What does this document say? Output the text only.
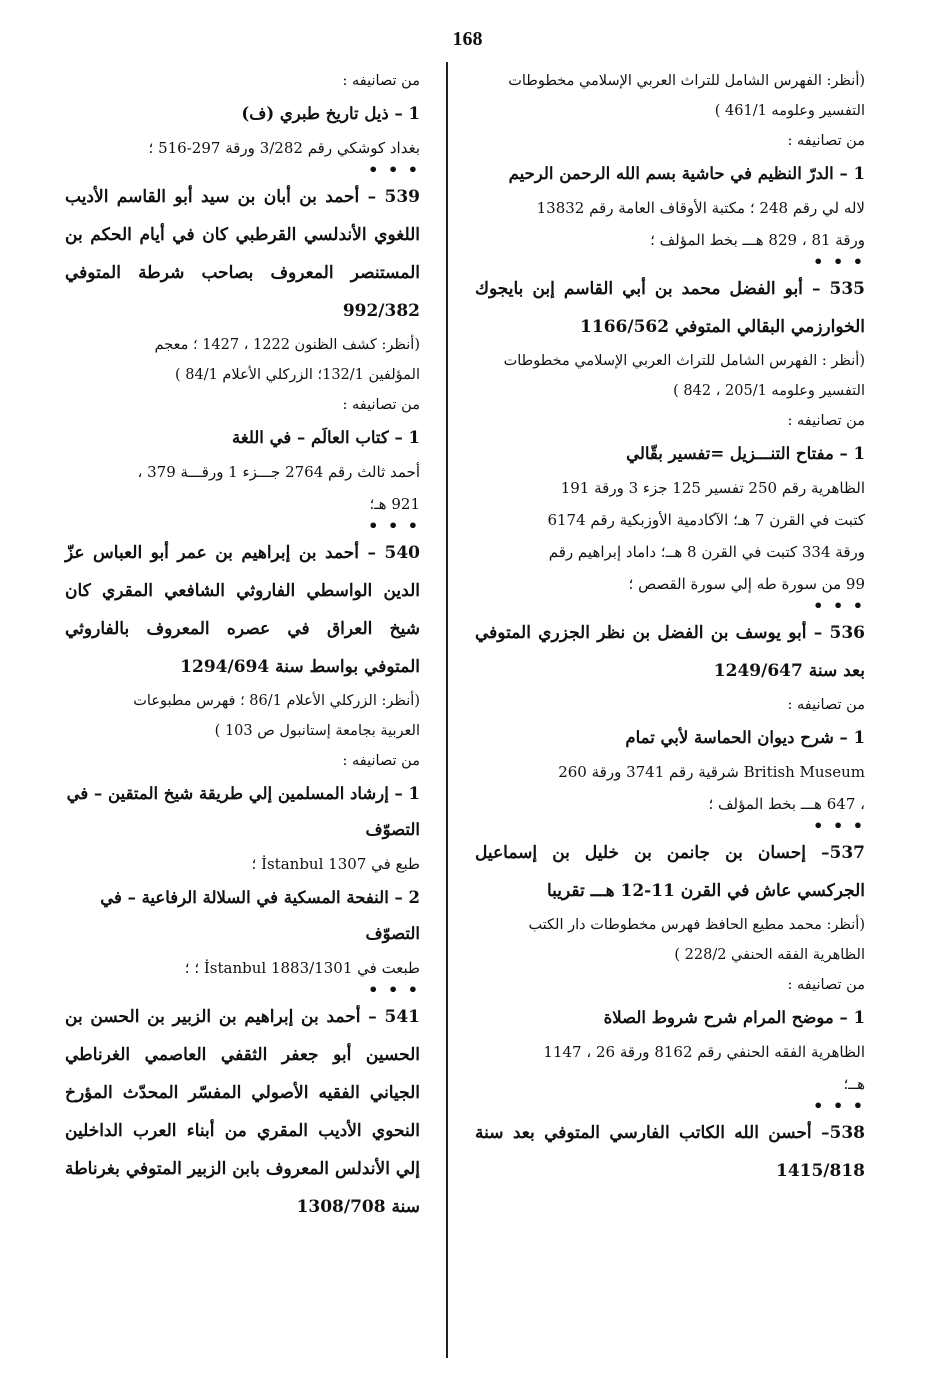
168

(أنظر: الفهرس الشامل للتراث العربي الإسلامي مخطوطات

التفسير وعلومه 461/1 )

من تصانيفه :

1 – الدرّ النظيم في حاشية بسم الله الرحمن الرحيم

لاله لي رقم 248 ؛ مكتبة الأوقاف العامة رقم 13832

ورقة 81 ، 829 هـــ بخط المؤلف ؛

• • •

535 – أبو الفضل محمد بن أبي القاسم إبن بايجوك الخوارزمي البقالي المتوفي 1166/562

(أنظر : الفهرس الشامل للتراث العربي الإسلامي مخطوطات

التفسير وعلومه 205/1 ، 842 )

من تصانيفه :

1 – مفتاح التنـــزيل =تفسير بقّالي

الظاهرية رقم 250 تفسير 125 جزء 3 ورقة 191

كتبت في القرن 7 هـ؛ الآكادمية الأوزبكية رقم 6174

ورقة 334 كتبت في القرن 8 هــ؛ داماد إبراهيم رقم

99 من سورة طه إلي سورة القصص ؛

• • •

536 – أبو يوسف بن الفضل بن نظر الجزري المتوفي بعد سنة 1249/647

من تصانيفه :

1 – شرح ديوان الحماسة لأبي تمام

British Museum شرقية رقم 3741 ورقة 260

، 647 هـــ بخط المؤلف ؛

• • •

537– إحسان بن جانمن بن خليل بن إسماعيل الجركسي عاش في القرن 11-12 هـــ تقريبا

(أنظر: محمد مطيع الحافظ فهرس مخطوطات دار الكتب

الظاهرية الفقه الحنفي 228/2 )

من تصانيفه :

1 – موضح المرام شرح شروط الصلاة

الظاهرية الفقه الحنفي رقم 8162 ورقة 26 ، 1147

هــ؛

• • •

538– أحسن الله الكاتب الفارسي المتوفي بعد سنة 1415/818

من تصانيفه :

1 – ذيل تاريخ طبري (ف)

بغداد كوشكي رقم 3/282 ورقة 297-516 ؛

• • •

539 – أحمد بن أبان بن سيد أبو القاسم الأديب اللغوي الأندلسي القرطبي كان في أيام الحكم بن المستنصر المعروف بصاحب شرطة المتوفي 992/382

(أنظر: كشف الظنون 1222 ، 1427 ؛ معجم

المؤلفين 132/1؛ الزركلي الأعلام 84/1 )

من تصانيفه :

1 – كتاب العالَم – في اللغة

أحمد ثالث رقم 2764 جـــزء 1 ورقـــة 379 ،

921 هـ؛

• • •

540 – أحمد بن إبراهيم بن عمر أبو العباس عزّ الدين الواسطي الفاروثي الشافعي المقري كان شيخ العراق في عصره المعروف بالفاروثي المتوفي بواسط سنة 1294/694

(أنظر: الزركلي الأعلام 86/1 ؛ فهرس مطبوعات

العربية بجامعة إستانبول ص 103 )

من تصانيفه :

1 – إرشاد المسلمين إلي طريقة شيخ المتقين – في التصوّف

طبع في İstanbul 1307 ؛

2 – النفحة المسكية في السلالة الرفاعية – في التصوّف

طبعت في İstanbul 1883/1301 ؛ ؛

• • •

541 – أحمد بن إبراهيم بن الزبير بن الحسن بن الحسين أبو جعفر الثقفي العاصمي الغرناطي الجياني الفقيه الأصولي المفسّر المحدّث المؤرخ النحوي الأديب المقري من أبناء العرب الداخلين إلي الأندلس المعروف بابن الزبير المتوفي بغرناطة سنة 1308/708
